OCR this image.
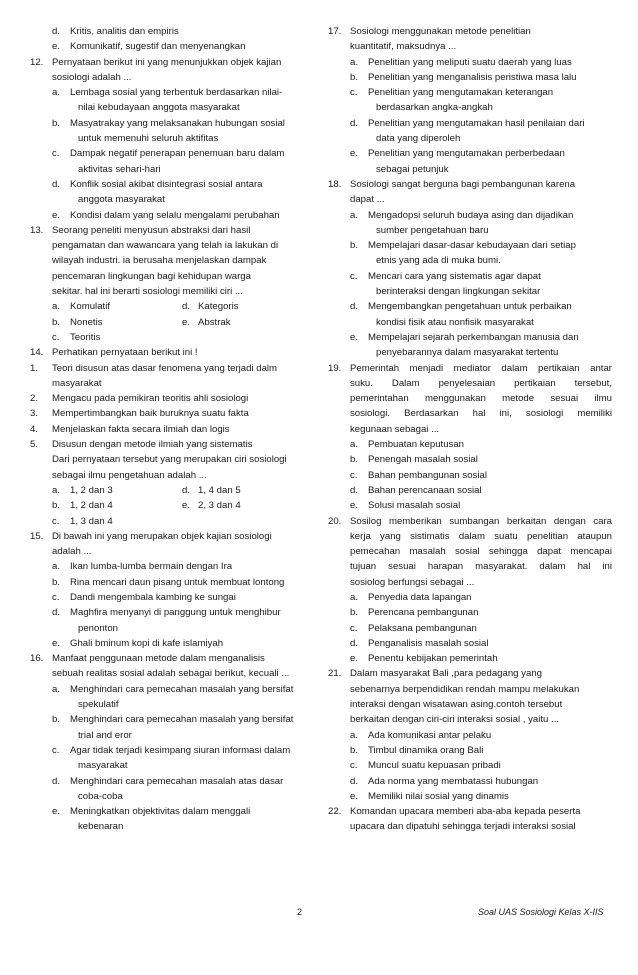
d. Kritis, analitis dan empiris
e. Komunikatif, sugestif dan menyenangkan
12. Pernyataan berikut ini yang menunjukkan objek kajian
sosiologi adalah ...
a. Lembaga sosial yang terbentuk berdasarkan nilai-
nilai kebudayaan anggota masyarakat
b. Masyatrakay yang melaksanakan hubungan sosial
untuk memenuhi seluruh aktifitas
c. Dampak negatif penerapan penemuan baru dalam
aktivitas sehari-hari
d. Konflik sosial akibat disintegrasi sosial antara
anggota masyarakat
e. Kondisi dalam yang selalu mengalami perubahan
13. Seorang peneliti menyusun abstraksi dari hasil
pengamatan dan wawancara yang telah ia lakukan di
wilayah industri. ia berusaha menjelaskan dampak
pencemaran lingkungan bagi kehidupan warga
sekitar. hal ini berarti sosiologi memiliki ciri ...
a. Komulatif	d. Kategoris
b. Nonetis	e. Abstrak
c. Teoritis
14. Perhatikan pernyataan berikut ini !
1. Teori disusun atas dasar fenomena yang terjadi dalm
masyarakat
2. Mengacu pada pemikiran teoritis ahli sosiologi
3. Mempertimbangkan baik buruknya suatu fakta
4. Menjelaskan fakta secara ilmiah dan logis
5. Disusun dengan metode ilmiah yang sistematis
Dari pernyataan tersebut yang merupakan ciri sosiologi
sebagai ilmu pengetahuan adalah ...
a. 1, 2 dan 3	d. 1, 4 dan 5
b. 1, 2 dan 4	e. 2, 3 dan 4
c. 1, 3 dan 4
15. Di bawah ini yang merupakan objek kajian sosiologi
adalah ...
a. Ikan lumba-lumba bermain dengan Ira
b. Rina mencari daun pisang untuk membuat lontong
c. Dandi mengembala kambing ke sungai
d. Maghfira menyanyi di panggung untuk menghibur
penonton
e. Ghali bminum kopi di kafe islamiyah
16. Manfaat penggunaan metode dalam menganalisis
sebuah realitas sosial adalah sebagai berikut, kecuali ...
a. Menghindari cara pemecahan masalah yang bersifat
spekulatif
b. Menghindari cara pemecahan masalah yang bersifat
trial and eror
c. Agar tidak terjadi kesimpang siuran informasi dalam
masyarakat
d. Menghindari cara pemecahan masalah atas dasar
coba-coba
e. Meningkatkan objektivitas dalam menggali
kebenaran
17. Sosiologi menggunakan metode penelitian
kuantitatif, maksudnya ...
a. Penelitian yang meliputi suatu daerah yang luas
b. Penelitian yang menganalisis peristiwa masa lalu
c. Penelitian yang mengutamakan keterangan
berdasarkan angka-angkah
d. Penelitian yang mengutamakan hasil penilaian dari
data yang diperoleh
e. Penelitian yang mengutamakan perberbedaan
sebagai petunjuk
18. Sosiologi sangat berguna bagi pembangunan karena
dapat ...
a. Mengadopsi seluruh budaya asing dan dijadikan
sumber pengetahuan baru
b. Mempelajari dasar-dasar kebudayaan dari setiap
etnis yang ada di muka bumi.
c. Mencari cara yang sistematis agar dapat
berinteraksi dengan lingkungan sekitar
d. Mengembangkan pengetahuan untuk perbaikan
kondisi fisik atau nonfisik masyarakat
e. Mempelajari sejarah perkembangan manusia dan
penyebarannya dalam masyarakat tertentu
19. Pemerintah menjadi mediator dalam pertikaian antar
suku. Dalam penyelesaian pertikaian tersebut,
pemerintahan menggunakan metode sesuai ilmu
sosiologi. Berdasarkan hal ini, sosiologi memiliki
kegunaan sebagai ...
a. Pembuatan keputusan
b. Penengah masalah sosial
c. Bahan pembangunan sosial
d. Bahan perencanaan sosial
e. Solusi masalah sosial
20. Sosilog memberikan sumbangan berkaitan dengan cara
kerja yang sistimatis dalam suatu penelitian ataupun
pemecahan masalah sosial sehingga dapat mencapai
tujuan sesuai harapan masyarakat. dalam hal ini
sosiolog berfungsi sebagai ...
a. Penyedia data lapangan
b. Perencana pembangunan
c. Pelaksana pembangunan
d. Penganalisis masalah sosial
e. Penentu kebijakan pemerintah
21. Dalam masyarakat Bali ,para pedagang yang
sebenarnya berpendidikan rendah mampu melakukan
interaksi dengan wisatawan asing.contoh tersebut
berkaitan dengan ciri-ciri interaksi sosial , yaitu ...
a. Ada komunikasi antar pelaku
b. Timbul dinamika orang Bali
c. Muncul suatu kepuasan pribadi
d. Ada norma yang membatassi hubungan
e. Memiliki nilai sosial yang dinamis
22. Komandan upacara memberi aba-aba kepada peserta
upacara dan dipatuhi sehingga terjadi interaksi sosial
2	Soal UAS Sosiologi Kelas X-IIS
